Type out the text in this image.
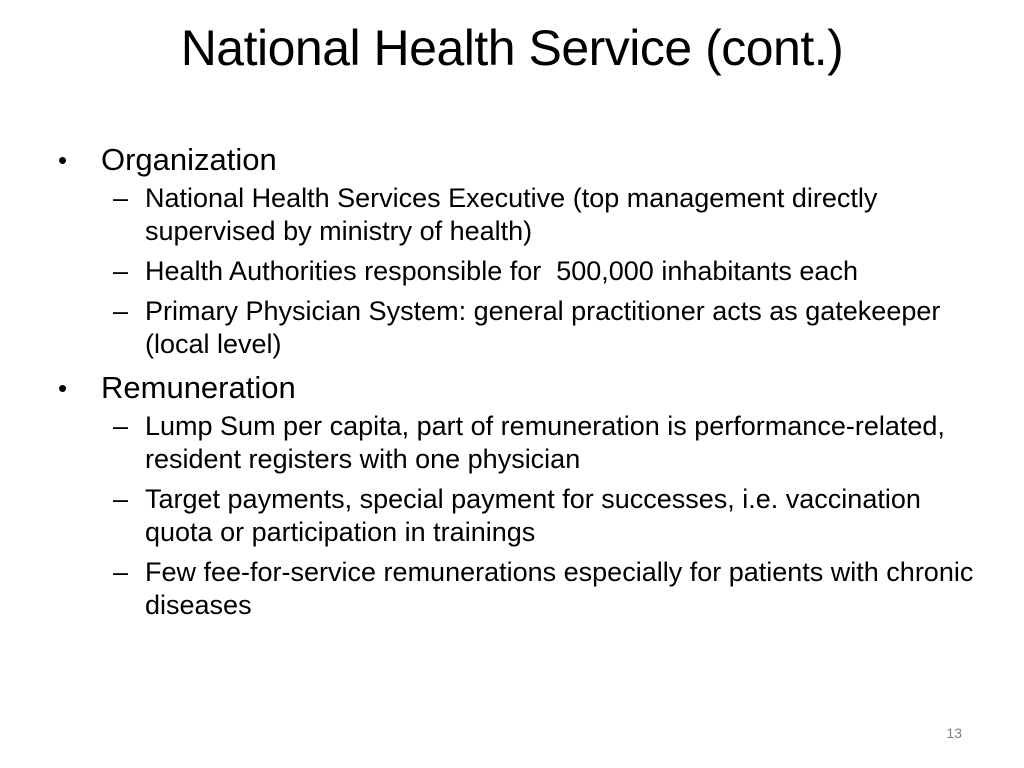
National Health Service (cont.)
•	Organization
– National Health Services Executive (top management directly supervised by ministry of health)
– Health Authorities responsible for  500,000 inhabitants each
– Primary Physician System: general practitioner acts as gatekeeper (local level)
•	Remuneration
– Lump Sum per capita, part of remuneration is performance-related, resident registers with one physician
– Target payments, special payment for successes, i.e. vaccination quota or participation in trainings
– Few fee-for-service remunerations especially for patients with chronic diseases
13
